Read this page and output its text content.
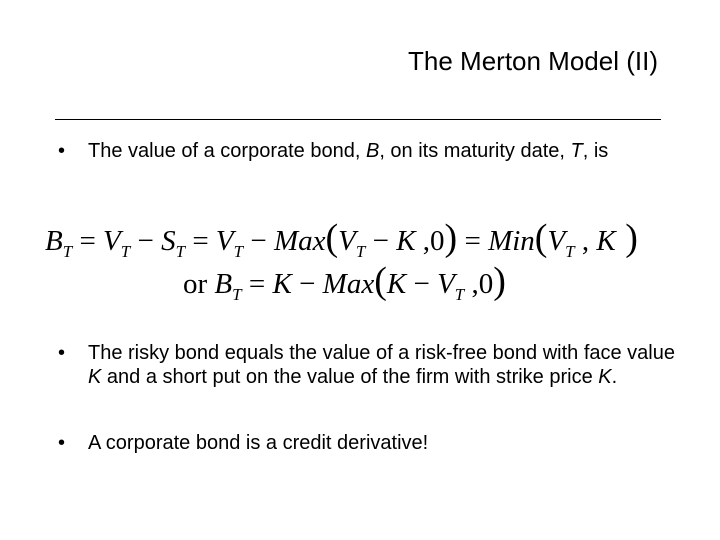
The Merton Model (II)
• The value of a corporate bond, B, on its maturity date, T, is
$B_T = V_T - S_T = V_T - Max(V_T - K$ $,0) = Min(V_T$ , K )
or $B_T = K - Max(K - V_T$ ,0)
• The risky bond equals the value of a risk-free bond with face value K and a short put on the value of the firm with strike price K.
• A corporate bond is a credit derivative!
